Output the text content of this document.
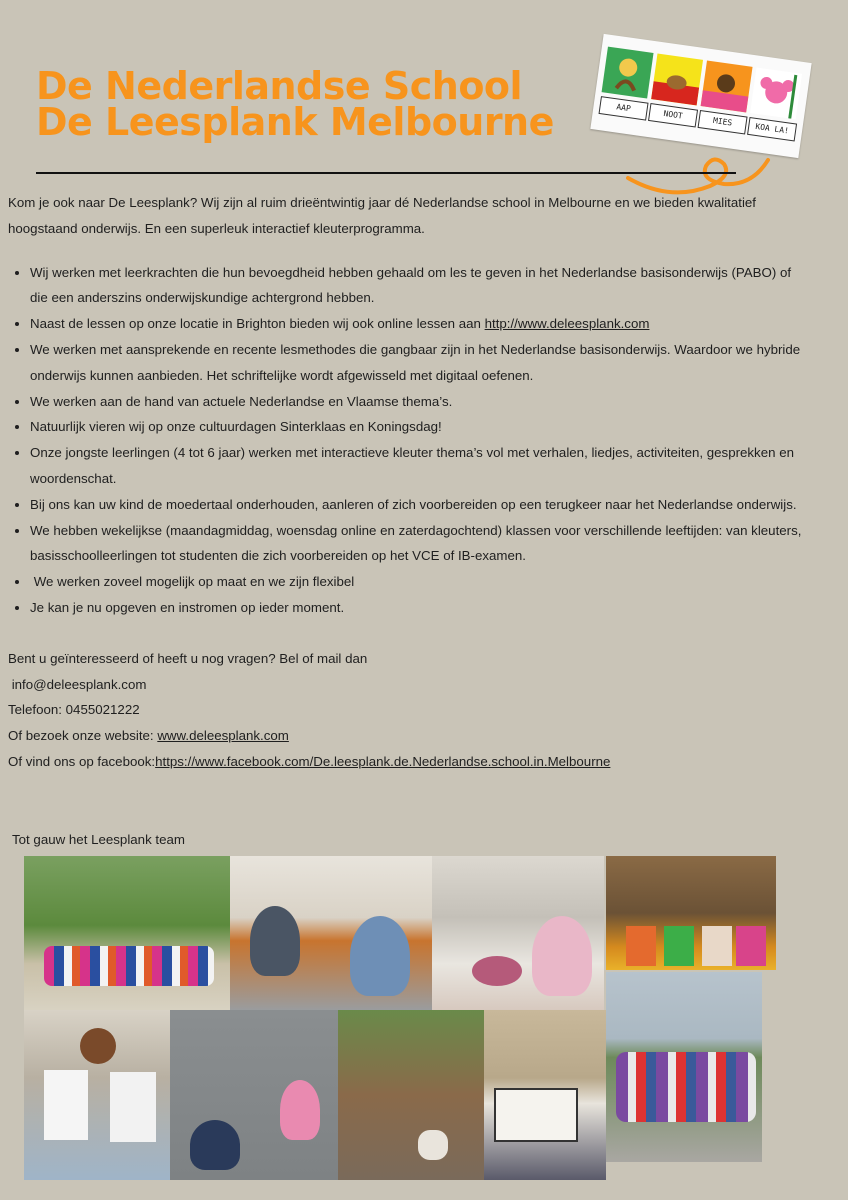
De Nederlandse School
De Leesplank Melbourne	AAP
NOOT
MIES
KOA LA!

Kom je ook naar De Leesplank? Wij zijn al ruim drieëntwintig jaar dé Nederlandse school in Melbourne en we bieden kwalitatief hoogstaand onderwijs. En een superleuk interactief kleuterprogramma.

• Wij werken met leerkrachten die hun bevoegdheid hebben gehaald om les te geven in het Nederlandse basisonderwijs (PABO) of die een anderszins onderwijskundige achtergrond hebben.
• Naast de lessen op onze locatie in Brighton bieden wij ook online lessen aan http://www.deleesplank.com
• We werken met aansprekende en recente lesmethodes die gangbaar zijn in het Nederlandse basisonderwijs. Waardoor we hybride onderwijs kunnen aanbieden. Het schriftelijke wordt afgewisseld met digitaal oefenen.
• We werken aan de hand van actuele Nederlandse en Vlaamse thema’s.
• Natuurlijk vieren wij op onze cultuurdagen Sinterklaas en Koningsdag!
• Onze jongste leerlingen (4 tot 6 jaar) werken met interactieve kleuter thema’s vol met verhalen, liedjes, activiteiten, gesprekken en woordenschat.
• Bij ons kan uw kind de moedertaal onderhouden, aanleren of zich voorbereiden op een terugkeer naar het Nederlandse onderwijs.
• We hebben wekelijkse (maandagmiddag, woensdag online en zaterdagochtend) klassen voor verschillende leeftijden: van kleuters, basisschoolleerlingen tot studenten die zich voorbereiden op het VCE of IB-examen.
•  We werken zoveel mogelijk op maat en we zijn flexibel
• Je kan je nu opgeven en instromen op ieder moment.

Bent u geïnteresseerd of heeft u nog vragen? Bel of mail dan

info@deleesplank.com

Telefoon: 0455021222

Of bezoek onze website: www.deleesplank.com

Of vind ons op facebook:https://www.facebook.com/De.leesplank.de.Nederlandse.school.in.Melbourne

Tot gauw het Leesplank team
